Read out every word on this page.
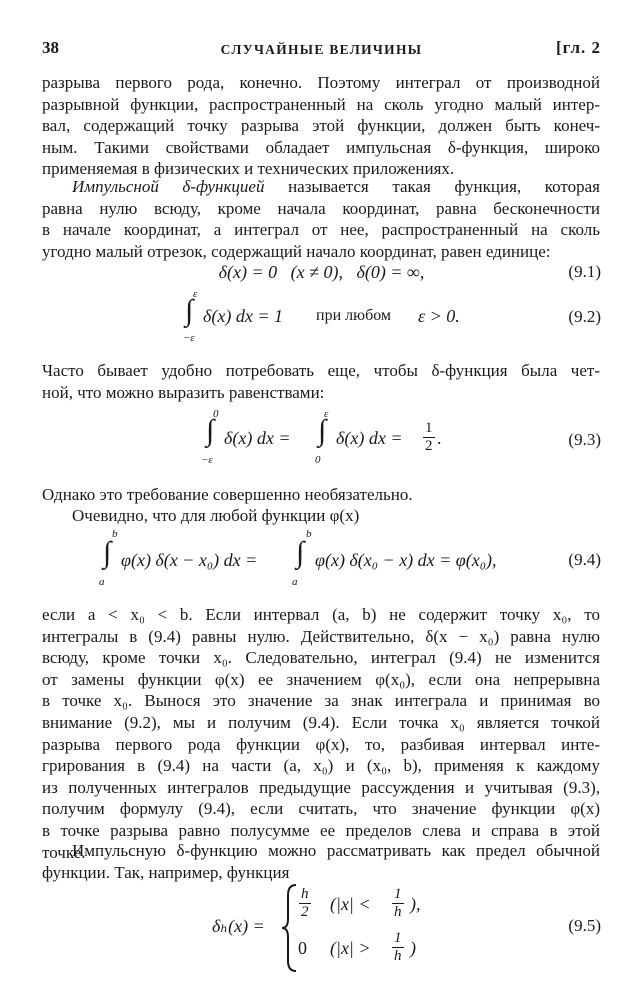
38	СЛУЧАЙНЫЕ ВЕЛИЧИНЫ	[гл. 2
разрыва первого рода, конечно. Поэтому интеграл от производной
разрывной функции, распространенный на сколь угодно малый интер-
вал, содержащий точку разрыва этой функции, должен быть конеч-
ным. Такими свойствами обладает импульсная δ-функция, широко
применяемая в физических и технических приложениях.
Импульсной δ-функцией называется такая функция, которая
равна нулю всюду, кроме начала координат, равна бесконечности
в начале координат, а интеграл от нее, распространенный на сколь
угодно малый отрезок, содержащий начало координат, равен единице:
δ(x) = 0   (x ≠ 0),   δ(0) = ∞,	(9.1)
ε
∫
−ε
δ(x) dx = 1 при любом ε > 0.	(9.2)
Часто бывает удобно потребовать еще, чтобы δ-функция была чет-
ной, что можно выразить равенствами:
0
∫
−ε
δ(x) dx =
ε
∫
0
δ(x) dx = $\frac{1}{2}$ .	(9.3)
Однако это требование совершенно необязательно.
Очевидно, что для любой функции φ(x)
b
∫
a
φ(x) δ(x − x₀) dx =
b
∫
a
φ(x) δ(x₀ − x) dx = φ(x₀),	(9.4)
если a < x₀ < b. Если интервал (a, b) не содержит точку x₀, то
интегралы в (9.4) равны нулю. Действительно, δ(x − x₀) равна нулю
всюду, кроме точки x₀. Следовательно, интеграл (9.4) не изменится
от замены функции φ(x) ее значением φ(x₀), если она непрерывна
в точке x₀. Вынося это значение за знак интеграла и принимая во
внимание (9.2), мы и получим (9.4). Если точка x₀ является точкой
разрыва первого рода функции φ(x), то, разбивая интервал инте-
грирования в (9.4) на части (a, x₀) и (x₀, b), применяя к каждому
из полученных интегралов предыдущие рассуждения и учитывая (9.3),
получим формулу (9.4), если считать, что значение функции φ(x)
в точке разрыва равно полусумме ее пределов слева и справа в этой
точке.
Импульсную δ-функцию можно рассматривать как предел обычной
функции. Так, например, функция
δₕ(x) =
$\frac{h}{2} (|x| < \frac{1}{h}$ ),
0 ($|x| > \frac{1}{h}$ )
(9.5)
